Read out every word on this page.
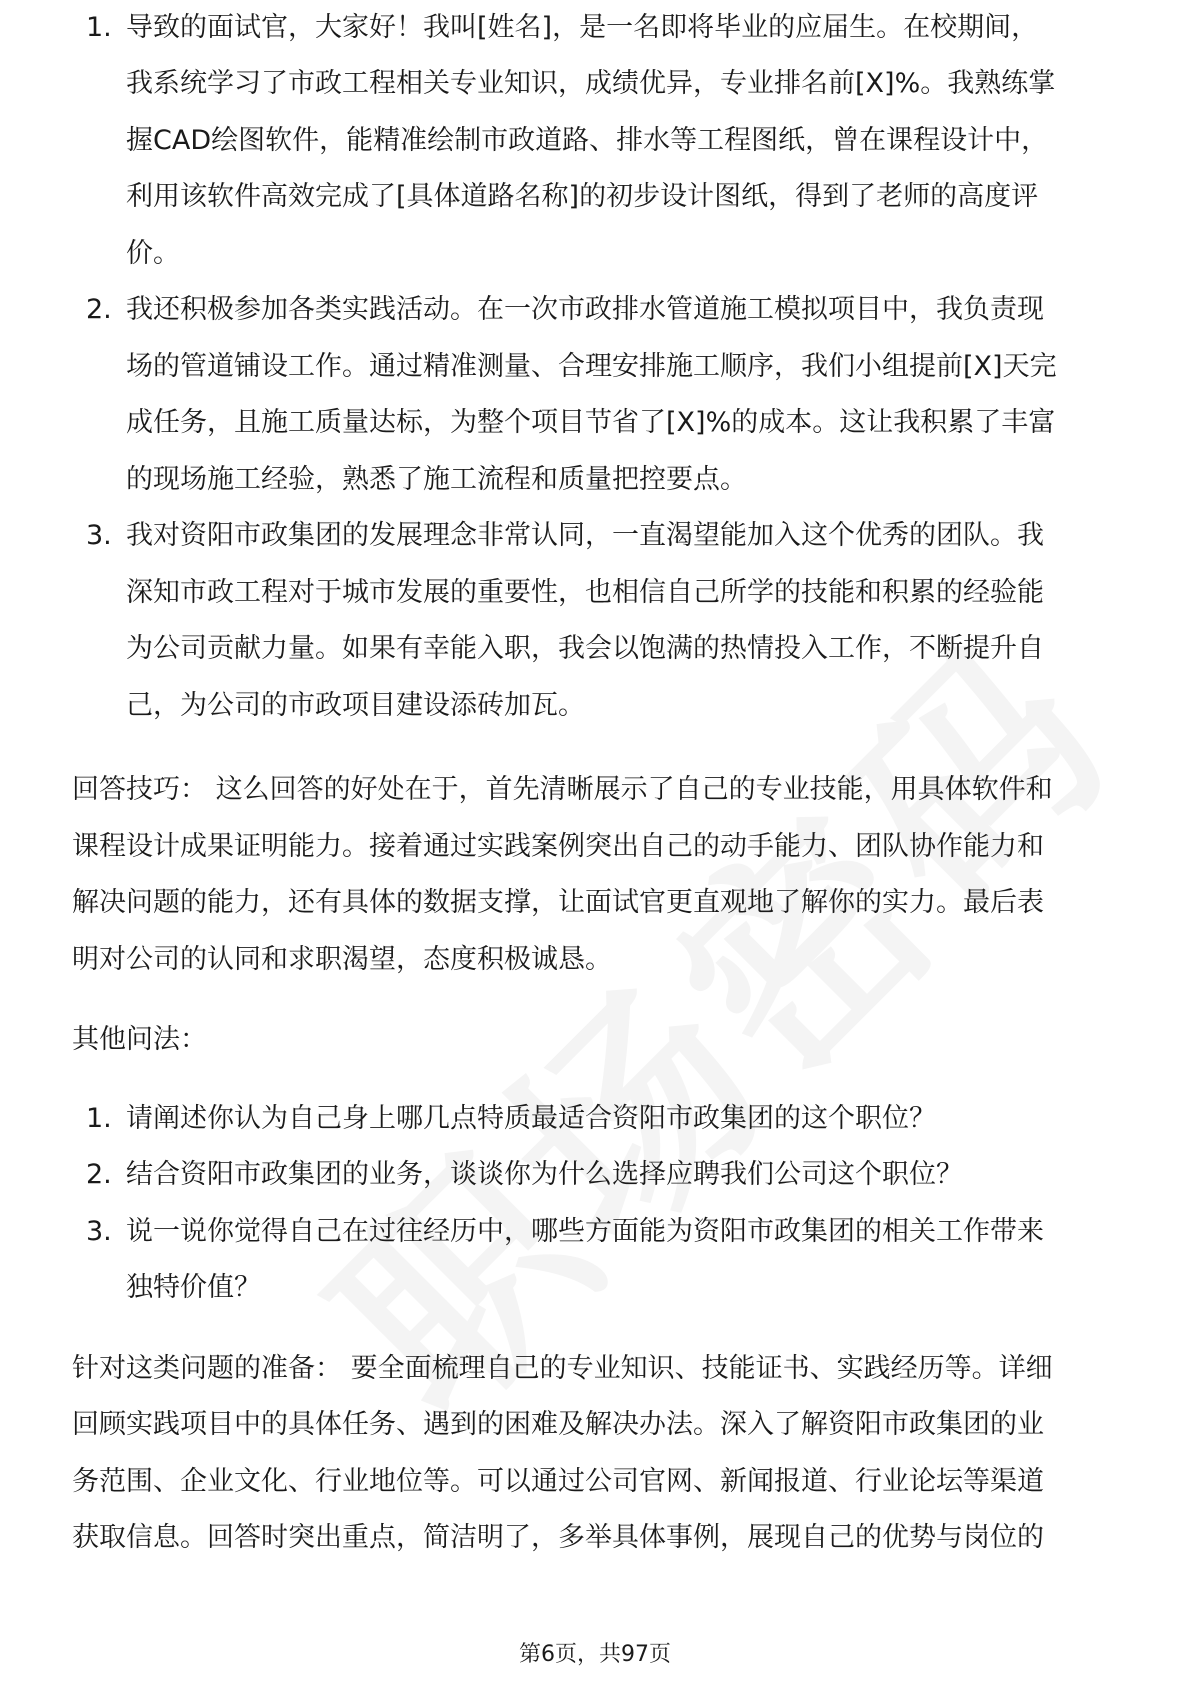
1. 导致的面试官，大家好！我叫[姓名]，是一名即将毕业的应届生。在校期间，
我系统学习了市政工程相关专业知识，成绩优异，专业排名前[X]%。我熟练掌
握CAD绘图软件，能精准绘制市政道路、排水等工程图纸，曾在课程设计中，
利用该软件高效完成了[具体道路名称]的初步设计图纸，得到了老师的高度评
价。
2. 我还积极参加各类实践活动。在一次市政排水管道施工模拟项目中，我负责现
场的管道铺设工作。通过精准测量、合理安排施工顺序，我们小组提前[X]天完
成任务，且施工质量达标，为整个项目节省了[X]%的成本。这让我积累了丰富
的现场施工经验，熟悉了施工流程和质量把控要点。
3. 我对资阳市政集团的发展理念非常认同，一直渴望能加入这个优秀的团队。我
深知市政工程对于城市发展的重要性，也相信自己所学的技能和积累的经验能
为公司贡献力量。如果有幸能入职，我会以饱满的热情投入工作，不断提升自
己，为公司的市政项目建设添砖加瓦。
回答技巧： 这么回答的好处在于，首先清晰展示了自己的专业技能，用具体软件和
课程设计成果证明能力。接着通过实践案例突出自己的动手能力、团队协作能力和
解决问题的能力，还有具体的数据支撑，让面试官更直观地了解你的实力。最后表
明对公司的认同和求职渴望，态度积极诚恳。
其他问法：
1. 请阐述你认为自己身上哪几点特质最适合资阳市政集团的这个职位？
2. 结合资阳市政集团的业务，谈谈你为什么选择应聘我们公司这个职位？
3. 说一说你觉得自己在过往经历中，哪些方面能为资阳市政集团的相关工作带来
独特价值？
针对这类问题的准备： 要全面梳理自己的专业知识、技能证书、实践经历等。详细
回顾实践项目中的具体任务、遇到的困难及解决办法。深入了解资阳市政集团的业
务范围、企业文化、行业地位等。可以通过公司官网、新闻报道、行业论坛等渠道
获取信息。回答时突出重点，简洁明了，多举具体事例，展现自己的优势与岗位的
第6页，共97页
